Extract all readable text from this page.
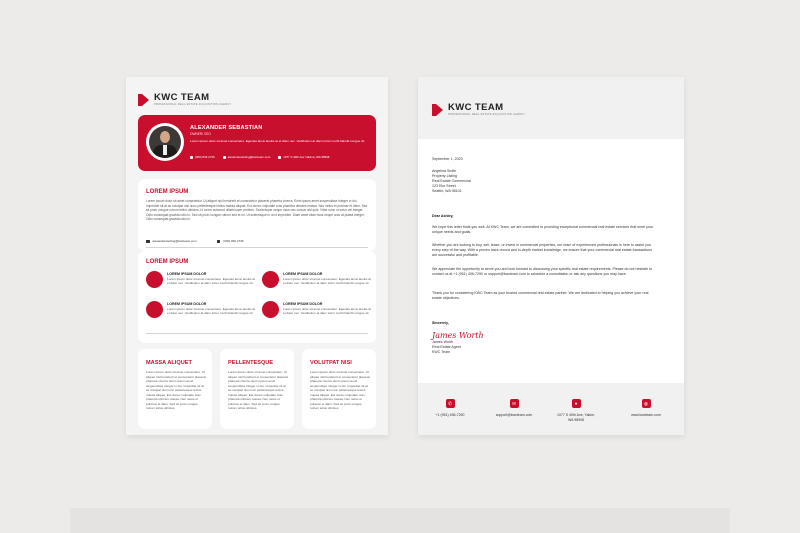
KWC TEAM
PROFESSIONAL REAL ESTATE ACQUISITION AGENCY
ALEXANDER SEBASTIAN
OWNER/ CEO
Lorem ipsum dolor sit amet consectetur. Egestas lacus iaculis at et diam nec. Vestibulum at diam tortor morbi blandit congue sit.
(000) 846 2736	alexandersterling@kwcteam.com	1077 S 40th Ave Yakima, WA 98908
LOREM IPSUM
Lorem ipsum dolor sit amet consectetur. Ut aliquet nisl hendrerit et consectetur placerat pharetra viverra. Enim ipsum amet suspendisse integer in dui. Imperdiet sit at ac volutpat nisi nunc pellentesque lectus massa aliquet. Est donec vulputate cras pharetra ultricies massa. Nec netus et pulvinar et diam. Sed sit proin congue rutrum tellus ultricies. Id lorem euismod ullamcorper pretium. Scelerisque neque risus nec cursus nisi quis. Vitae nunc ut tortor vel integer. Odio consequat gravida odio in. Sed sit proin congue rutrum sed et mi. Ut scelerisque in ut id imperdiet. Diam amet vitae risus neque arcu at platea integer. Odio consequat gravida odio in.
alexandersterling@kwcteam.com	(000) 846 2736
LOREM IPSUM
LOREM IPSUM DOLOR
Lorem ipsum dolor sit amet consectetur. Egestas lacus iaculis at et diam nec. Vestibulum at diam tortor morbi blandit congue sit.
LOREM IPSUM DOLOR
Lorem ipsum dolor sit amet consectetur. Egestas lacus iaculis at et diam nec. Vestibulum at diam tortor morbi blandit congue sit.
LOREM IPSUM DOLOR
Lorem ipsum dolor sit amet consectetur. Egestas lacus iaculis at et diam nec. Vestibulum at diam tortor morbi blandit congue sit.
LOREM IPSUM DOLOR
Lorem ipsum dolor sit amet consectetur. Egestas lacus iaculis at et diam nec. Vestibulum at diam tortor morbi blandit congue sit.
MASSA ALIQUET
Lorem ipsum dolor sit amet consectetur. Ut aliquet nisl hendrerit et consectetur placerat pharetra viverra. Enim ipsum amet suspendisse integer in dui. Imperdiet sit at ac volutpat nisi nunc pellentesque lectus massa aliquet. Est donec vulputate cras pharetra ultricies massa. Nec netus et pulvinar et diam. Sed sit proin congue rutrum tellus ultricies.
PELLENTESQUE
Lorem ipsum dolor sit amet consectetur. Ut aliquet nisl hendrerit et consectetur placerat pharetra viverra. Enim ipsum amet suspendisse integer in dui. Imperdiet sit at ac volutpat nisi nunc pellentesque lectus massa aliquet. Est donec vulputate cras pharetra ultricies massa. Nec netus et pulvinar et diam. Sed sit proin congue rutrum tellus ultricies.
VOLUTPAT NISI
Lorem ipsum dolor sit amet consectetur. Ut aliquet nisl hendrerit et consectetur placerat pharetra viverra. Enim ipsum amet suspendisse integer in dui. Imperdiet sit at ac volutpat nisi nunc pellentesque lectus massa aliquet. Est donec vulputate cras pharetra ultricies massa. Nec netus et pulvinar et diam. Sed sit proin congue rutrum tellus ultricies.
KWC TEAM
PROFESSIONAL REAL ESTATE ACQUISITION AGENCY
September 1, 2023
Angelina Smith
Property Listing
Real Estate Commercial
123 Elm Street
Seattle, WA 98101
Dear Ashley,
We hope this letter finds you well. At KWC Team, we are committed to providing exceptional commercial real estate services that meet your unique needs and goals.
Whether you are looking to buy, sell, lease, or invest in commercial properties, our team of experienced professionals is here to assist you every step of the way. With a proven track record and in-depth market knowledge, we ensure that your commercial real estate transactions are successful and profitable.
We appreciate the opportunity to serve you and look forward to discussing your specific real estate requirements. Please do not hesitate to contact us at +1 (951) 496-7290 or support@kwcteam.com to schedule a consultation or ask any questions you may have.
Thank you for considering KWC Team as your trusted commercial real estate partner. We are dedicated to helping you achieve your real estate objectives.
Sincerely,
James Worth
James Worth
Real Estate Agent
KWC Team
✆
+1 (951) 496-7290
✉
support@kwcteam.com
●
1077 S 40th Ave, Yakim,
WA 98908
◍
www.kwcteam.com
